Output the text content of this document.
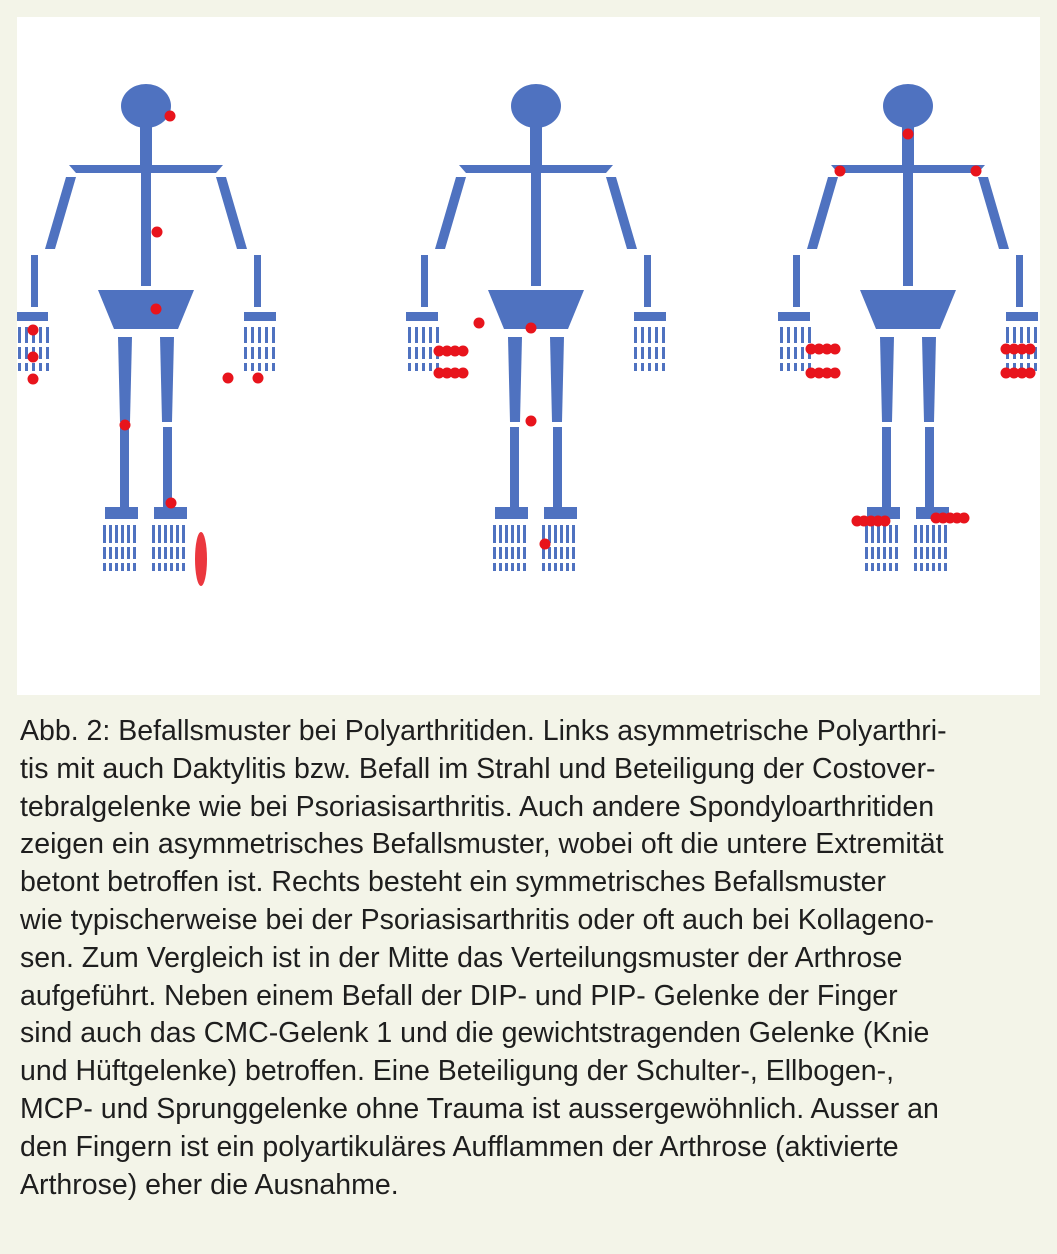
Abb. 2: Befallsmuster bei Polyarthritiden. Links asymmetrische Polyarthri-
tis mit auch Daktylitis bzw. Befall im Strahl und Beteiligung der Costover-
tebralgelenke wie bei Psoriasisarthritis. Auch andere Spondyloarthritiden
zeigen ein asymmetrisches Befallsmuster, wobei oft die untere Extremität
betont betroffen ist. Rechts besteht ein symmetrisches Befallsmuster
wie typischerweise bei der Psoriasisarthritis oder oft auch bei Kollageno-
sen. Zum Vergleich ist in der Mitte das Verteilungsmuster der Arthrose
aufgeführt. Neben einem Befall der DIP- und PIP- Gelenke der Finger
sind auch das CMC-Gelenk 1 und die gewichtstragenden Gelenke (Knie
und Hüftgelenke) betroffen. Eine Beteiligung der Schulter-, Ellbogen-,
MCP- und Sprunggelenke ohne Trauma ist aussergewöhnlich. Ausser an
den Fingern ist ein polyartikuläres Aufflammen der Arthrose (aktivierte
Arthrose) eher die Ausnahme.
